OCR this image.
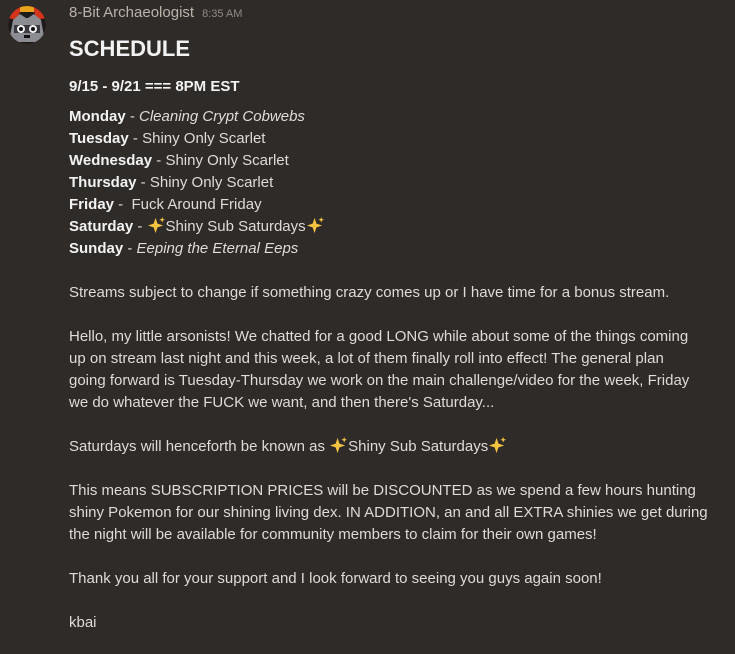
8-Bit Archaeologist 8:35 AM
SCHEDULE
9/15 - 9/21 === 8PM EST
Monday - Cleaning Crypt Cobwebs
Tuesday - Shiny Only Scarlet
Wednesday - Shiny Only Scarlet
Thursday - Shiny Only Scarlet
Friday -  Fuck Around Friday
Saturday - Shiny Sub Saturdays
Sunday - Eeping the Eternal Eeps
Streams subject to change if something crazy comes up or I have time for a bonus stream.
Hello, my little arsonists! We chatted for a good LONG while about some of the things coming
up on stream last night and this week, a lot of them finally roll into effect! The general plan
going forward is Tuesday-Thursday we work on the main challenge/video for the week, Friday
we do whatever the FUCK we want, and then there's Saturday...
Saturdays will henceforth be known as Shiny Sub Saturdays
This means SUBSCRIPTION PRICES will be DISCOUNTED as we spend a few hours hunting
shiny Pokemon for our shining living dex. IN ADDITION, an and all EXTRA shinies we get during
the night will be available for community members to claim for their own games!
Thank you all for your support and I look forward to seeing you guys again soon!
kbai
